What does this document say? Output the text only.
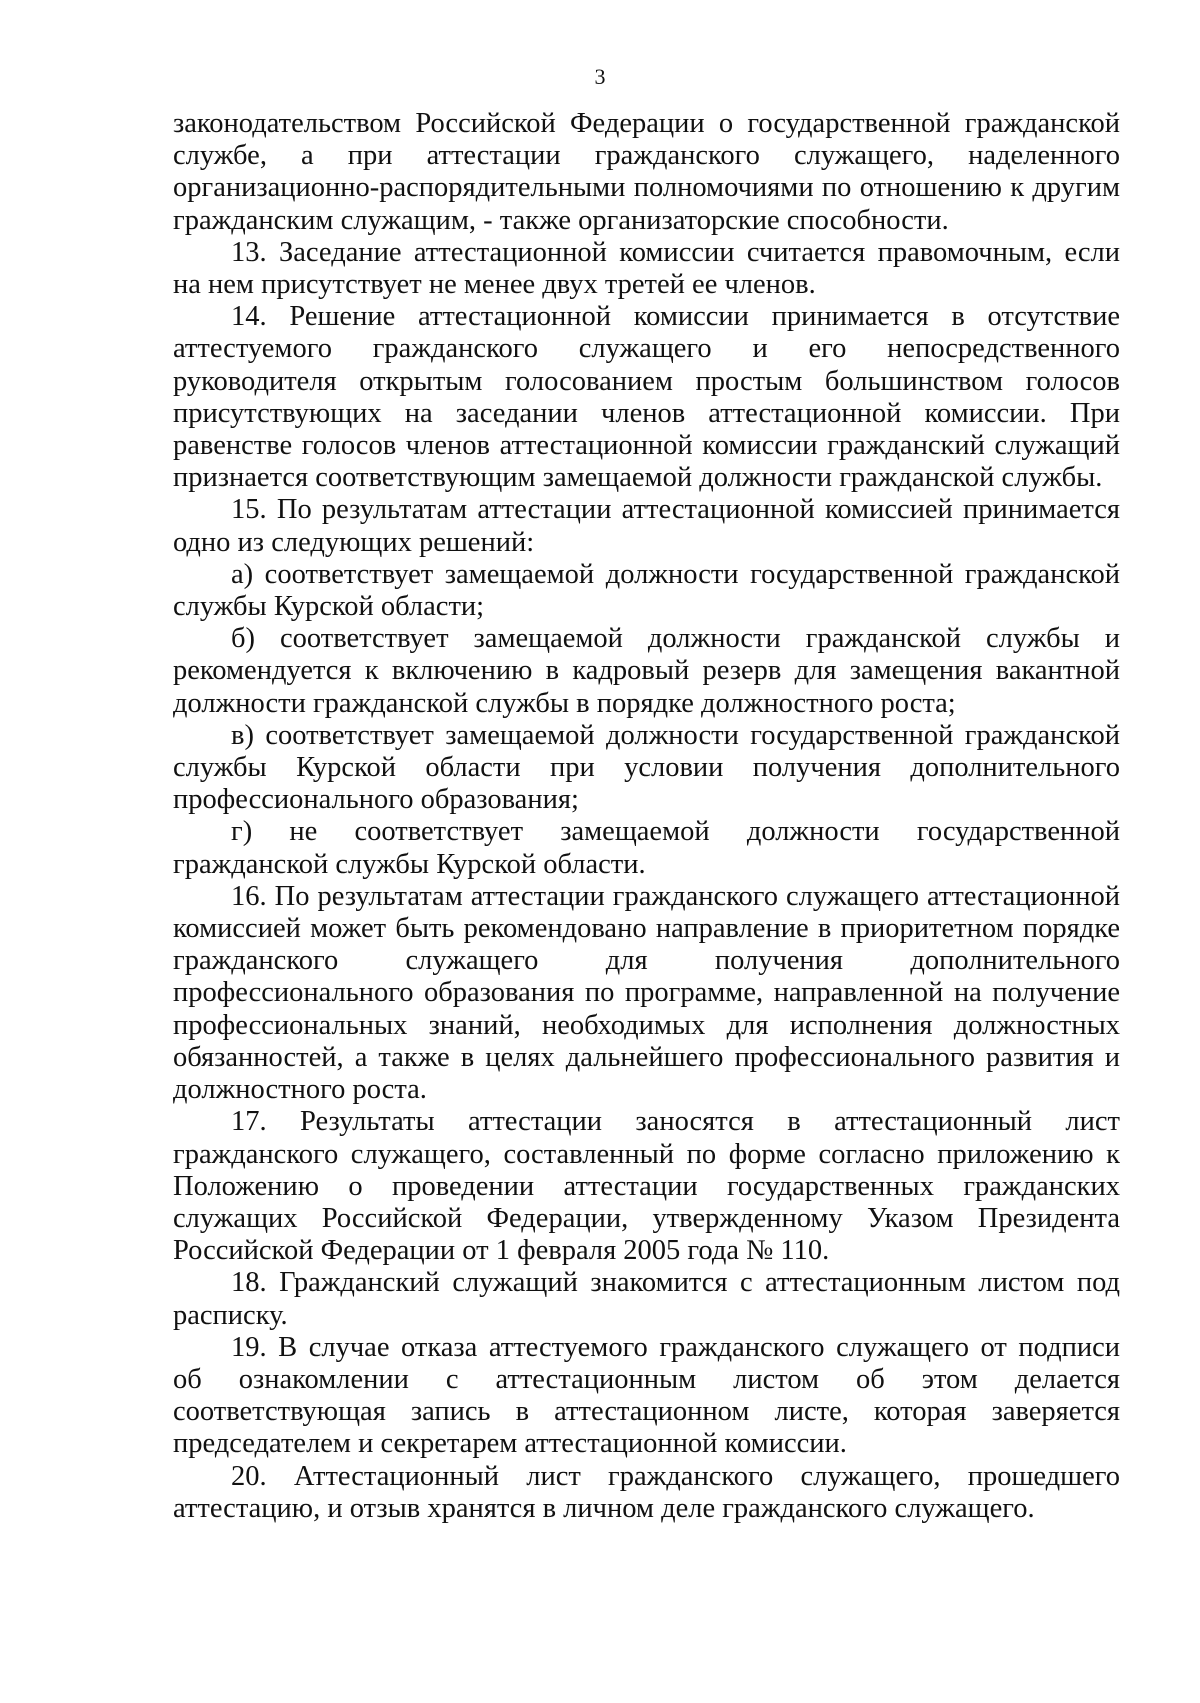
3

законодательством Российской Федерации о государственной гражданской службе, а при аттестации гражданского служащего, наделенного организационно-распорядительными полномочиями по отношению к другим гражданским служащим, - также организаторские способности.

13. Заседание аттестационной комиссии считается правомочным, если на нем присутствует не менее двух третей ее членов.

14. Решение аттестационной комиссии принимается в отсутствие аттестуемого гражданского служащего и его непосредственного руководителя открытым голосованием простым большинством голосов присутствующих на заседании членов аттестационной комиссии. При равенстве голосов членов аттестационной комиссии гражданский служащий признается соответствующим замещаемой должности гражданской службы.

15. По результатам аттестации аттестационной комиссией принимается одно из следующих решений:

а) соответствует замещаемой должности государственной гражданской службы Курской области;

б) соответствует замещаемой должности гражданской службы и рекомендуется к включению в кадровый резерв для замещения вакантной должности гражданской службы в порядке должностного роста;

в) соответствует замещаемой должности государственной гражданской службы Курской области при условии получения дополнительного профессионального образования;

г) не соответствует замещаемой должности государственной гражданской службы Курской области.

16. По результатам аттестации гражданского служащего аттестационной комиссией может быть рекомендовано направление в приоритетном порядке гражданского служащего для получения дополнительного профессионального образования по программе, направленной на получение профессиональных знаний, необходимых для исполнения должностных обязанностей, а также в целях дальнейшего профессионального развития и должностного роста.

17. Результаты аттестации заносятся в аттестационный лист гражданского служащего, составленный по форме согласно приложению к Положению о проведении аттестации государственных гражданских служащих Российской Федерации, утвержденному Указом Президента Российской Федерации от 1 февраля 2005 года № 110.

18. Гражданский служащий знакомится с аттестационным листом под расписку.

19. В случае отказа аттестуемого гражданского служащего от подписи об ознакомлении с аттестационным листом об этом делается соответствующая запись в аттестационном листе, которая заверяется председателем и секретарем аттестационной комиссии.

20. Аттестационный лист гражданского служащего, прошедшего аттестацию, и отзыв хранятся в личном деле гражданского служащего.
